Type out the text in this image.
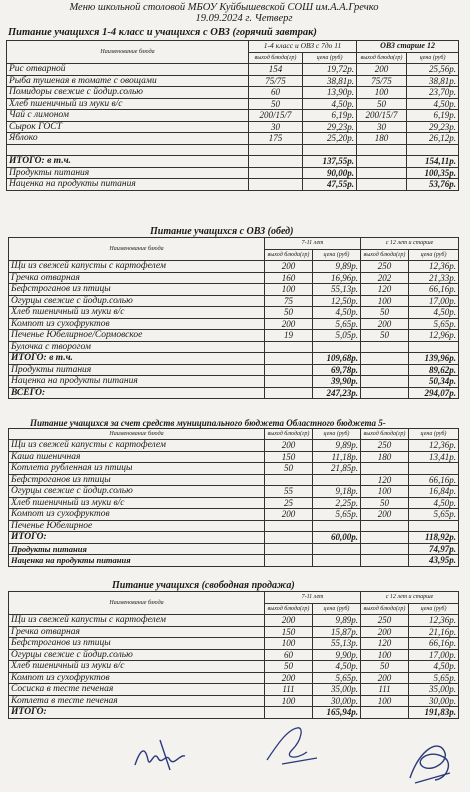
Меню школьной столовой МБОУ Куйбышевской СОШ им.А.А.Гречко
19.09.2024 г. Четверг
Питание учащихся 1-4 класс и учащихся с ОВЗ (горячий завтрак)
Наименование блюда	1-4 класс и ОВЗ с 7до 11		ОВЗ старше 12	
	выход блюда(гр)	цена (руб)	выход блюда(гр)	цена (руб)
Рис отварной	154	19,72р.	200	25,56р.
Рыба тушеная в томате с овощами	75/75	38,81р.	75/75	38,81р.
Помидоры свежие с йодир.солью	60	13,90р.	100	23,70р.
Хлеб пшеничный из муки в/с	50	4,50р.	50	4,50р.
Чай с лимоном	200/15/7	6,19р.	200/15/7	6,19р.
Сырок ГОСТ	30	29,23р.	30	29,23р.
Яблоко	175	25,20р.	180	26,12р.

ИТОГО: в т.ч.		137,55р.		154,11р.
Продукты питания		90,00р.		100,35р.
Наценка на продукты питания		47,55р.		53,76р.
Питание учащихся с ОВЗ (обед)
Наименование блюда	7-11 лет		с 12 лет и старше	
	выход блюда(гр)	цена (руб)	выход блюда(гр)	цена (руб)
Щи из свежей капусты с картофелем	200	9,89р.	250	12,36р.
Гречка отварная	160	16,96р.	202	21,33р.
Бефстроганов из птицы	100	55,13р.	120	66,16р.
Огурцы свежие с йодир.солью	75	12,50р.	100	17,00р.
Хлеб пшеничный из муки в/с	50	4,50р.	50	4,50р.
Компот из сухофруктов	200	5,65р.	200	5,65р.
Печенье Юбелирное/Сормовское	19	5,05р.	50	12,96р.
Булочка с творогом				
ИТОГО: в т.ч.		109,68р.		139,96р.
Продукты питания		69,78р.		89,62р.
Наценка на продукты питания		39,90р.		50,34р.
ВСЕГО:		247,23р.		294,07р.
Питание учащихся за счет средств муниципального бюджета Областного бюджета 5-
Наименование блюда	выход блюда(гр)	цена (руб)	выход блюда(гр)	цена (руб)
Щи из свежей капусты с картофелем	200	9,89р.	250	12,36р.
Каша пшеничная	150	11,18р.	180	13,41р.
Котлета рубленная из птицы	50	21,85р.		
Бефстроганов из птицы			120	66,16р.
Огурцы свежие с йодир.солью	55	9,18р.	100	16,84р.
Хлеб пшеничный из муки в/с	25	2,25р.	50	4,50р.
Компот из сухофруктов	200	5,65р.	200	5,65р.
Печенье Юбелирное				
ИТОГО:		60,00р.		118,92р.
Продукты питания				74,97р.
Наценка на продукты питания				43,95р.
Питание учащихся (свободная продажа)
Наименование блюда	7-11 лет		с 12 лет и старше	
	выход блюда(гр)	цена (руб)	выход блюда(гр)	цена (руб)
Щи из свежей капусты с картофелем	200	9,89р.	250	12,36р.
Гречка отварная	150	15,87р.	200	21,16р.
Бефстроганов из птицы	100	55,13р.	120	66,16р.
Огурцы свежие с йодир.солью	60	9,90р.	100	17,00р.
Хлеб пшеничный из муки в/с	50	4,50р.	50	4,50р.
Компот из сухофруктов	200	5,65р.	200	5,65р.
Сосиска в тесте печеная	111	35,00р.	111	35,00р.
Котлета в тесте печеная	100	30,00р.	100	30,00р.
ИТОГО:		165,94р.		191,83р.
